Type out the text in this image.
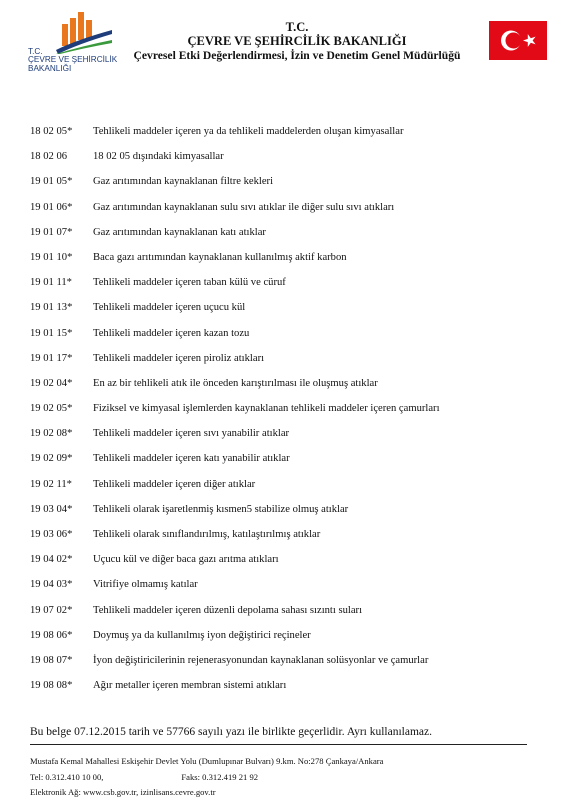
T.C.
ÇEVRE VE ŞEHİRCİLİK
BAKANLIĞI
T.C.
ÇEVRE VE ŞEHİRCİLİK BAKANLIĞI
Çevresel Etki Değerlendirmesi, İzin ve Denetim Genel Müdürlüğü
18 02 05* Tehlikeli maddeler içeren ya da tehlikeli maddelerden oluşan kimyasallar
18 02 06 18 02 05 dışındaki kimyasallar
19 01 05* Gaz arıtımından kaynaklanan filtre kekleri
19 01 06* Gaz arıtımından kaynaklanan sulu sıvı atıklar ile diğer sulu sıvı atıkları
19 01 07* Gaz arıtımından kaynaklanan katı atıklar
19 01 10* Baca gazı arıtımından kaynaklanan kullanılmış aktif karbon
19 01 11* Tehlikeli maddeler içeren taban külü ve cüruf
19 01 13* Tehlikeli maddeler içeren uçucu kül
19 01 15* Tehlikeli maddeler içeren kazan tozu
19 01 17* Tehlikeli maddeler içeren piroliz atıkları
19 02 04* En az bir tehlikeli atık ile önceden karıştırılması ile oluşmuş atıklar
19 02 05* Fiziksel ve kimyasal işlemlerden kaynaklanan tehlikeli maddeler içeren çamurları
19 02 08* Tehlikeli maddeler içeren sıvı yanabilir atıklar
19 02 09* Tehlikeli maddeler içeren katı yanabilir atıklar
19 02 11* Tehlikeli maddeler içeren diğer atıklar
19 03 04* Tehlikeli olarak işaretlenmiş kısmen5 stabilize olmuş atıklar
19 03 06* Tehlikeli olarak sınıflandırılmış, katılaştırılmış atıklar
19 04 02* Uçucu kül ve diğer baca gazı arıtma atıkları
19 04 03* Vitrifiye olmamış katılar
19 07 02* Tehlikeli maddeler içeren düzenli depolama sahası sızıntı suları
19 08 06* Doymuş ya da kullanılmış iyon değiştirici reçineler
19 08 07* İyon değiştiricilerinin rejenerasyonundan kaynaklanan solüsyonlar ve çamurlar
19 08 08* Ağır metaller içeren membran sistemi atıkları
Bu belge 07.12.2015 tarih ve 57766 sayılı yazı ile birlikte geçerlidir. Ayrı kullanılamaz.
Mustafa Kemal Mahallesi Eskişehir Devlet Yolu (Dumlupınar Bulvarı) 9.km. No:278 Çankaya/Ankara
Tel: 0.312.410 10 00,	Faks: 0.312.419 21 92
Elektronik Ağ: www.csb.gov.tr, izinlisans.cevre.gov.tr
